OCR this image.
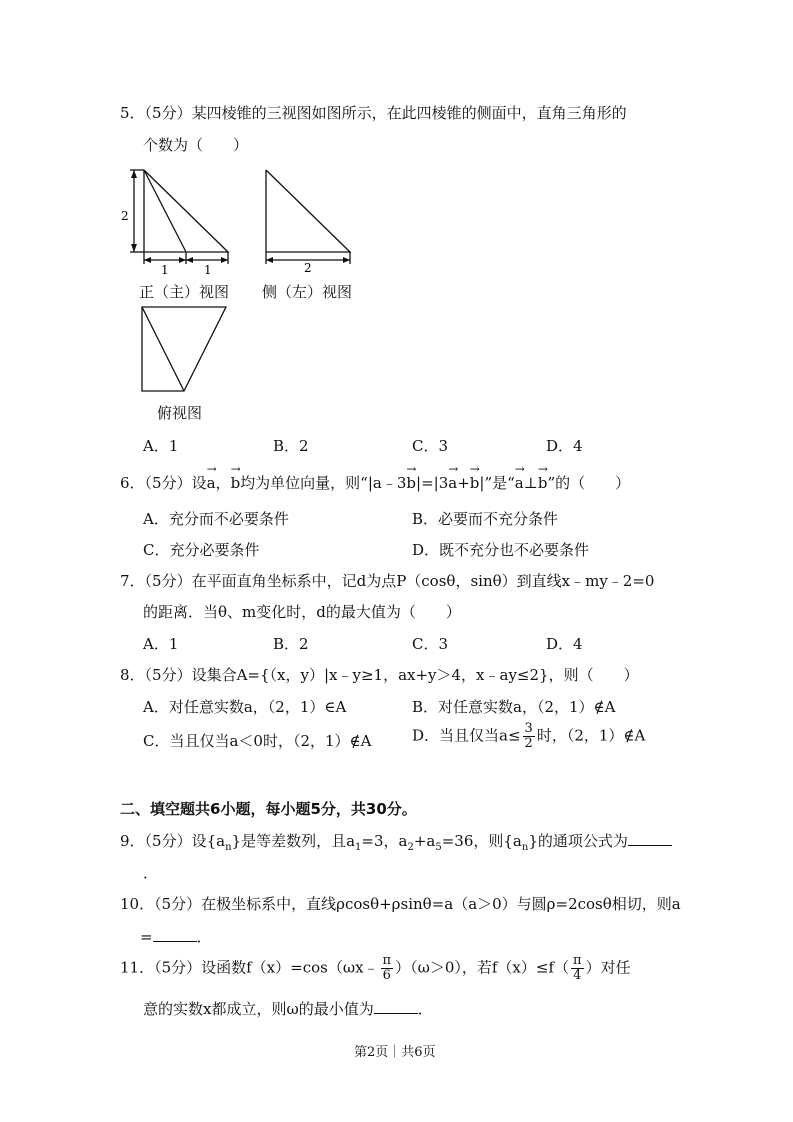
5．（5分）某四棱锥的三视图如图所示，在此四棱锥的侧面中，直角三角形的
个数为（　　）
2
1	1	2
正（主）视图 侧（左）视图
俯视图
A．1	B．2	C．3	D．4
6．（5分）设→ a，→ b均为单位向量，则“|a﹣3→ b|=|3→ a+→ b|”是“→ a⊥→ b”的（　　）
A．充分而不必要条件	B．必要而不充分条件
C．充分必要条件	D．既不充分也不必要条件
7．（5分）在平面直角坐标系中，记d为点P（cosθ，sinθ）到直线x﹣my﹣2=0
的距离．当θ、m变化时，d的最大值为（　　）
A．1	B．2	C．3	D．4
8．（5分）设集合A={（x，y）|x﹣y≥1，ax+y＞4，x﹣ay≤2}，则（　　）
A．对任意实数a，（2，1）∈A	B．对任意实数a，（2，1）∉A
C．当且仅当a＜0时，（2，1）∉A	D．当且仅当$a\le \frac{3}{2}$ 时，（2，1）∉A
二、填空题共6小题，每小题5分，共30分。
9．（5分）设$\{a_n\}$是等差数列，且$a_1=3$，$a_2+a_5=36$，则$\{a_n\}$的通项公式为
．
10．（5分）在极坐标系中，直线ρcosθ+ρsinθ=a（a＞0）与圆ρ=2cosθ相切，则a
=	．
11．（5分）设函数f（x）=cos（ωx﹣ $\frac{\pi}{6} )(\omega>0)$，若$f(x)\le f( \frac{\pi}{4}$ ）对任
意的实数x都成立，则ω的最小值为	．
第2页｜共6页
